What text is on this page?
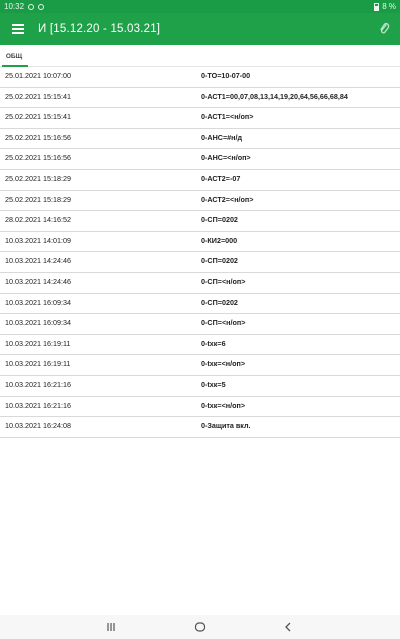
10:32	8 %
И [15.12.20 - 15.03.21]
ОБЩ
25.01.2021 10:07:00	0-ТО=10-07-00
25.02.2021 15:15:41	0-АСТ1=00,07,08,13,14,19,20,64,56,66,68,84
25.02.2021 15:15:41	0-АСТ1=<н/оп>
25.02.2021 15:16:56	0-АНС=#н/д
25.02.2021 15:16:56	0-АНС=<н/оп>
25.02.2021 15:18:29	0-АСТ2=-07
25.02.2021 15:18:29	0-АСТ2=<н/оп>
28.02.2021 14:16:52	0-СП=0202
10.03.2021 14:01:09	0-КИ2=000
10.03.2021 14:24:46	0-СП=0202
10.03.2021 14:24:46	0-СП=<н/оп>
10.03.2021 16:09:34	0-СП=0202
10.03.2021 16:09:34	0-СП=<н/оп>
10.03.2021 16:19:11	0-txк=6
10.03.2021 16:19:11	0-txк=<н/оп>
10.03.2021 16:21:16	0-txк=5
10.03.2021 16:21:16	0-txк=<н/оп>
10.03.2021 16:24:08	0-Защита вкл.
